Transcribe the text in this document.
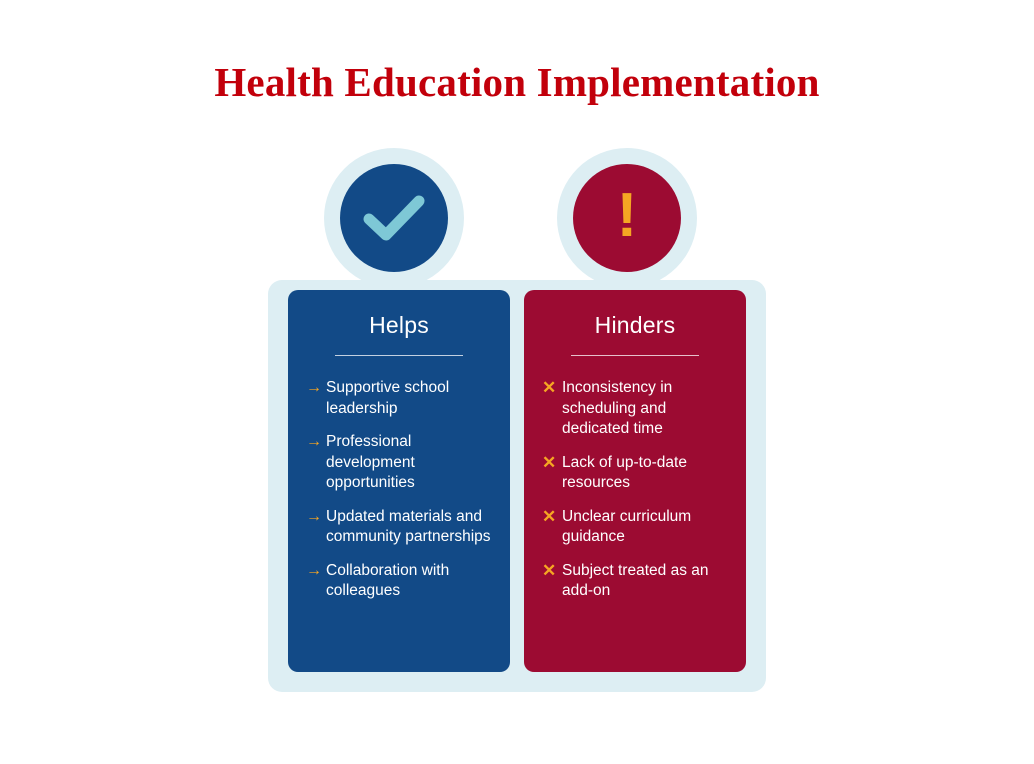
Health Education Implementation
!
Helps
→ Supportive school leadership
→ Professional development opportunities
→ Updated materials and community partnerships
→ Collaboration with colleagues
Hinders
✕ Inconsistency in scheduling and dedicated time
✕ Lack of up-to-date resources
✕ Unclear curriculum guidance
✕ Subject treated as an add-on
